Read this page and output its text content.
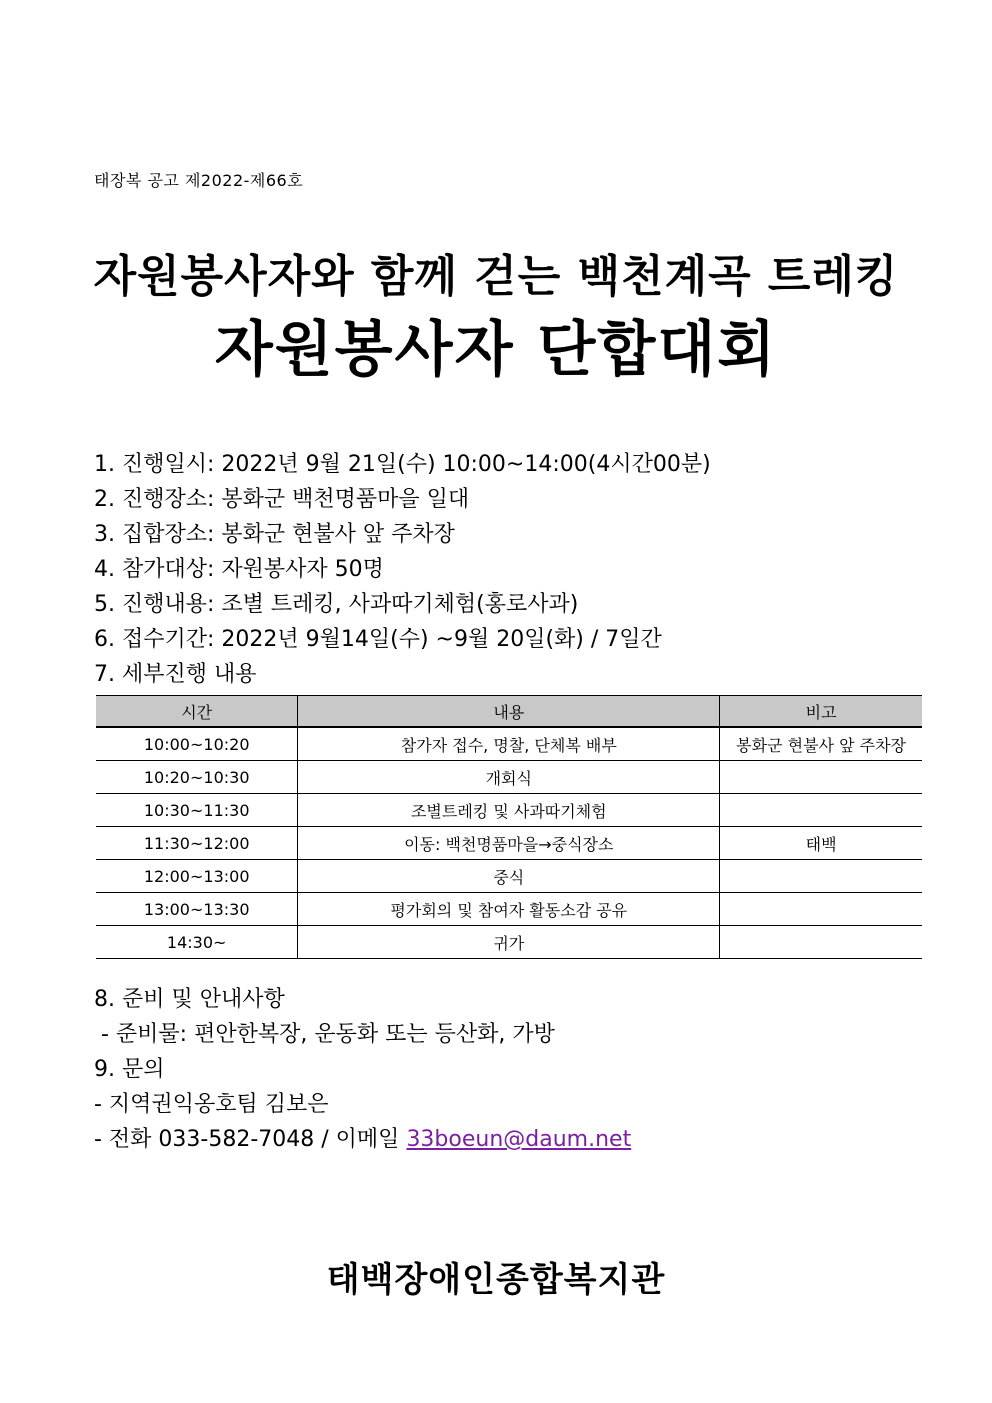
태장복 공고 제2022-제66호
자원봉사자와 함께 걷는 백천계곡 트레킹
자원봉사자 단합대회
1. 진행일시: 2022년 9월 21일(수) 10:00~14:00(4시간00분)
2. 진행장소: 봉화군 백천명품마을 일대
3. 집합장소: 봉화군 현불사 앞 주차장
4. 참가대상: 자원봉사자 50명
5. 진행내용: 조별 트레킹, 사과따기체험(홍로사과)
6. 접수기간: 2022년 9월14일(수) ~9월 20일(화) / 7일간
7. 세부진행 내용
시간	내용	비고
10:00~10:20	참가자 접수, 명찰, 단체복 배부	봉화군 현불사 앞 주차장
10:20~10:30	개회식	
10:30~11:30	조별트레킹 및 사과따기체험	
11:30~12:00	이동: 백천명품마을→중식장소	태백
12:00~13:00	중식	
13:00~13:30	평가회의 및 참여자 활동소감 공유	
14:30~	귀가	
8. 준비 및 안내사항
- 준비물: 편안한복장, 운동화 또는 등산화, 가방
9. 문의
- 지역권익옹호팀 김보은
- 전화 033-582-7048 / 이메일 33boeun@daum.net
태백장애인종합복지관
